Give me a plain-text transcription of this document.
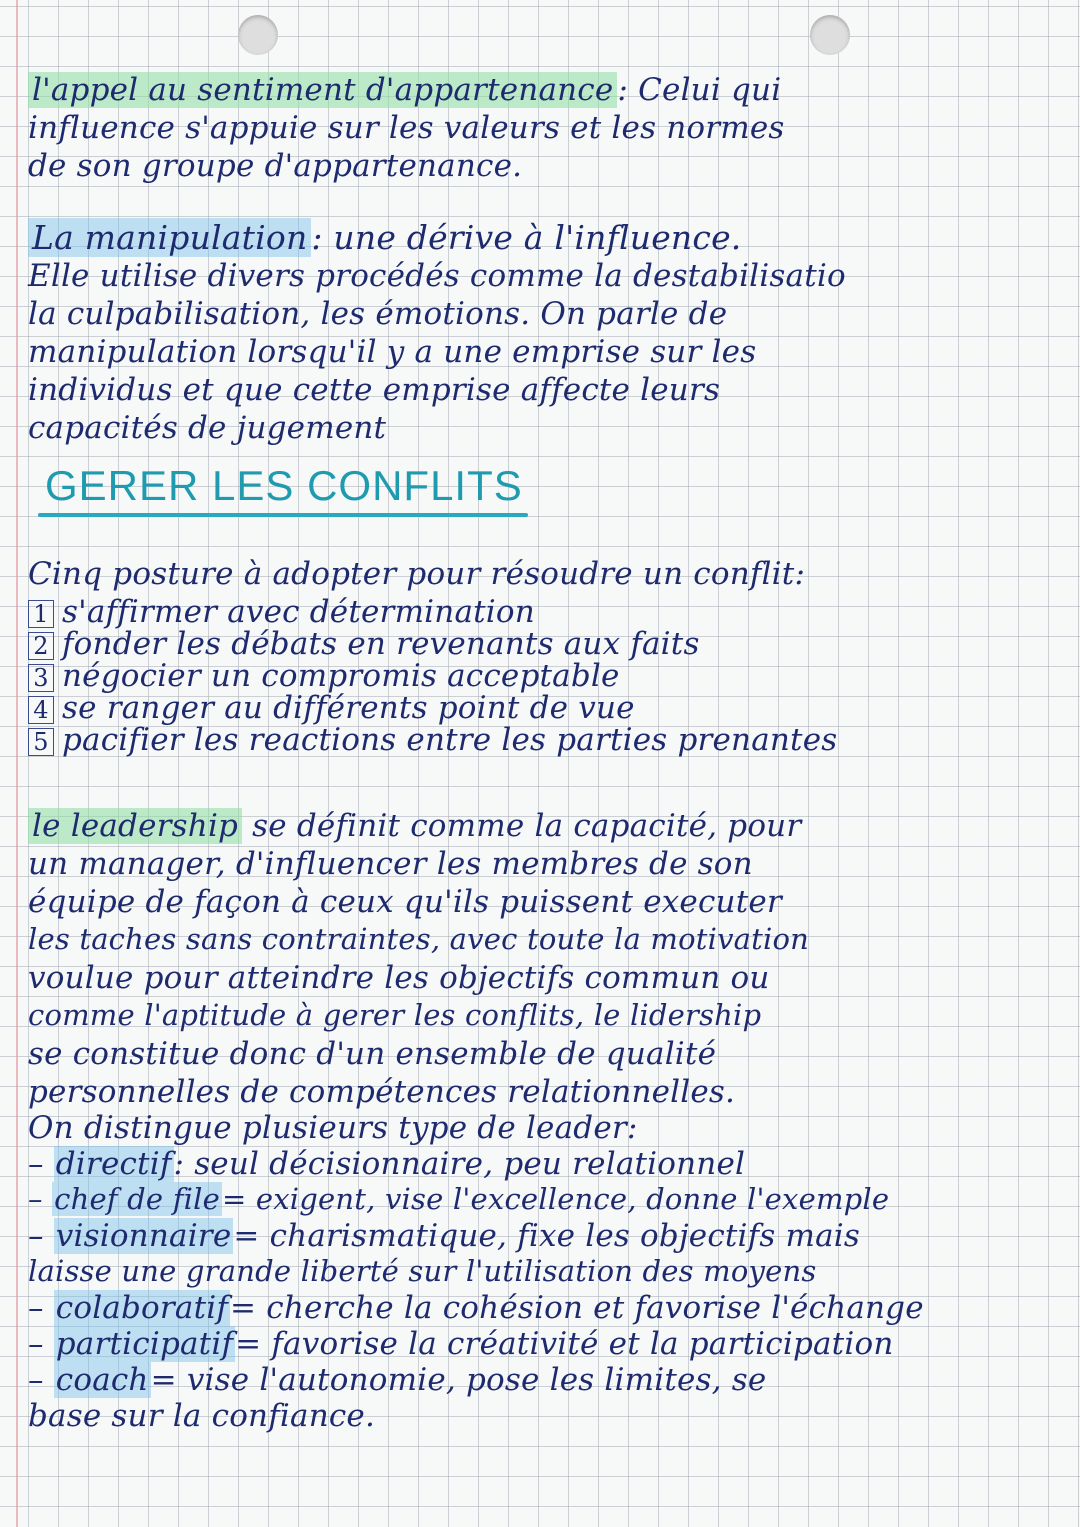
l'appel au sentiment d'appartenance : Celui qui
influence s'appuie sur les valeurs et les normes
de son groupe d'appartenance.
La manipulation : une dérive à l'influence.
Elle utilise divers procédés comme la destabilisatio
la culpabilisation, les émotions. On parle de
manipulation lorsqu'il y a une emprise sur les
individus et que cette emprise affecte leurs
capacités de jugement
GERER LES CONFLITS
Cinq posture à adopter pour résoudre un conflit:
1 s'affirmer avec détermination
2 fonder les débats en revenants aux faits
3 négocier un compromis acceptable
4 se ranger au différents point de vue
5 pacifier les reactions entre les parties prenantes
le leadership se définit comme la capacité, pour
un manager, d'influencer les membres de son
équipe de façon à ceux qu'ils puissent executer
les taches sans contraintes, avec toute la motivation
voulue pour atteindre les objectifs commun ou
comme l'aptitude à gerer les conflits, le lidership
se constitue donc d'un ensemble de qualité
personnelles de compétences relationnelles.
On distingue plusieurs type de leader:
– directif: seul décisionnaire, peu relationnel
– chef de file= exigent, vise l'excellence, donne l'exemple
– visionnaire= charismatique, fixe les objectifs mais
laisse une grande liberté sur l'utilisation des moyens
– colaboratif= cherche la cohésion et favorise l'échange
– participatif= favorise la créativité et la participation
– coach= vise l'autonomie, pose les limites, se
base sur la confiance.
